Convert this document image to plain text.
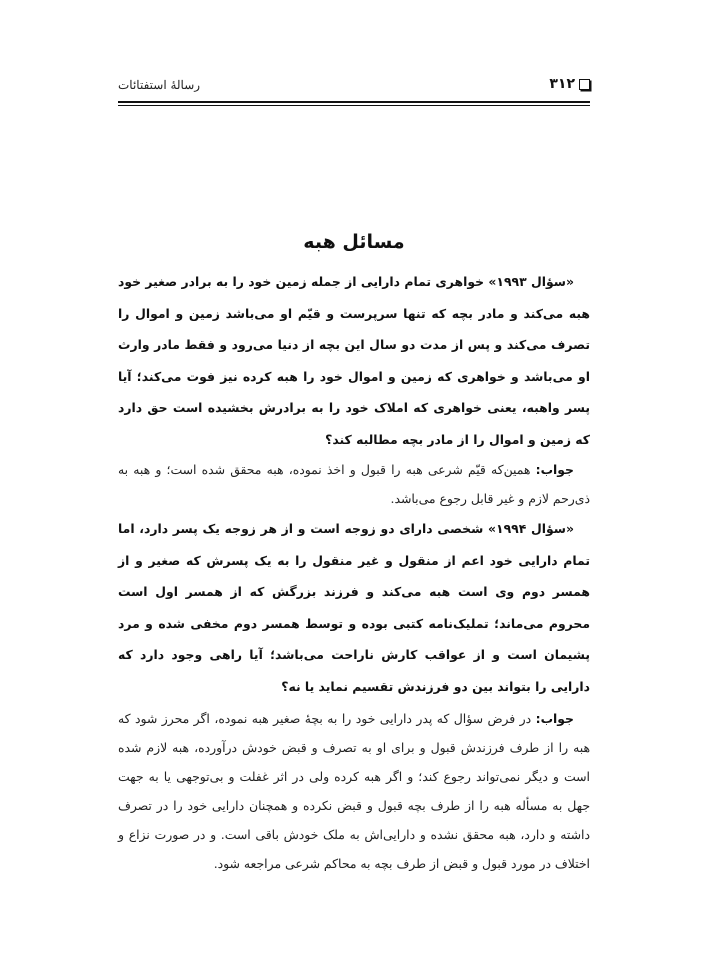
رسالهٔ استفتائات	۳۱۲
مسائل هبه

«سؤال ۱۹۹۳» خواهری تمام دارایی از جمله زمین خود را به برادر صغیر خود هبه می‌کند و مادر بچه که تنها سرپرست و قیّم او می‌باشد زمین و اموال را تصرف می‌کند و پس از مدت دو سال این بچه از دنیا می‌رود و فقط مادر وارث او می‌باشد و خواهری که زمین و اموال خود را هبه کرده نیز فوت می‌کند؛ آیا پسر واهبه، یعنی خواهری که املاک خود را به برادرش بخشیده است حق دارد که زمین و اموال را از مادر بچه مطالبه کند؟

جواب: همین‌که قیّم شرعی هبه را قبول و اخذ نموده، هبه محقق شده است؛ و هبه به ذی‌رحم لازم و غیر قابل رجوع می‌باشد.

«سؤال ۱۹۹۴» شخصی دارای دو زوجه است و از هر زوجه یک پسر دارد، اما تمام دارایی خود اعم از منقول و غیر منقول را به یک پسرش که صغیر و از همسر دوم وی است هبه می‌کند و فرزند بزرگش که از همسر اول است محروم می‌ماند؛ تملیک‌نامه کتبی بوده و توسط همسر دوم مخفی شده و مرد پشیمان است و از عواقب کارش ناراحت می‌باشد؛ آیا راهی وجود دارد که دارایی را بتواند بین دو فرزندش تقسیم نماید یا نه؟

جواب: در فرض سؤال که پدر دارایی خود را به بچهٔ صغیر هبه نموده، اگر محرز شود که هبه را از طرف فرزندش قبول و برای او به تصرف و قبض خودش درآورده، هبه لازم شده است و دیگر نمی‌تواند رجوع کند؛ و اگر هبه کرده ولی در اثر غفلت و بی‌توجهی یا به جهت جهل به مسأله هبه را از طرف بچه قبول و قبض نکرده و همچنان دارایی خود را در تصرف داشته و دارد، هبه محقق نشده و دارایی‌اش به ملک خودش باقی است. و در صورت نزاع و اختلاف در مورد قبول و قبض از طرف بچه به محاکم شرعی مراجعه شود.
